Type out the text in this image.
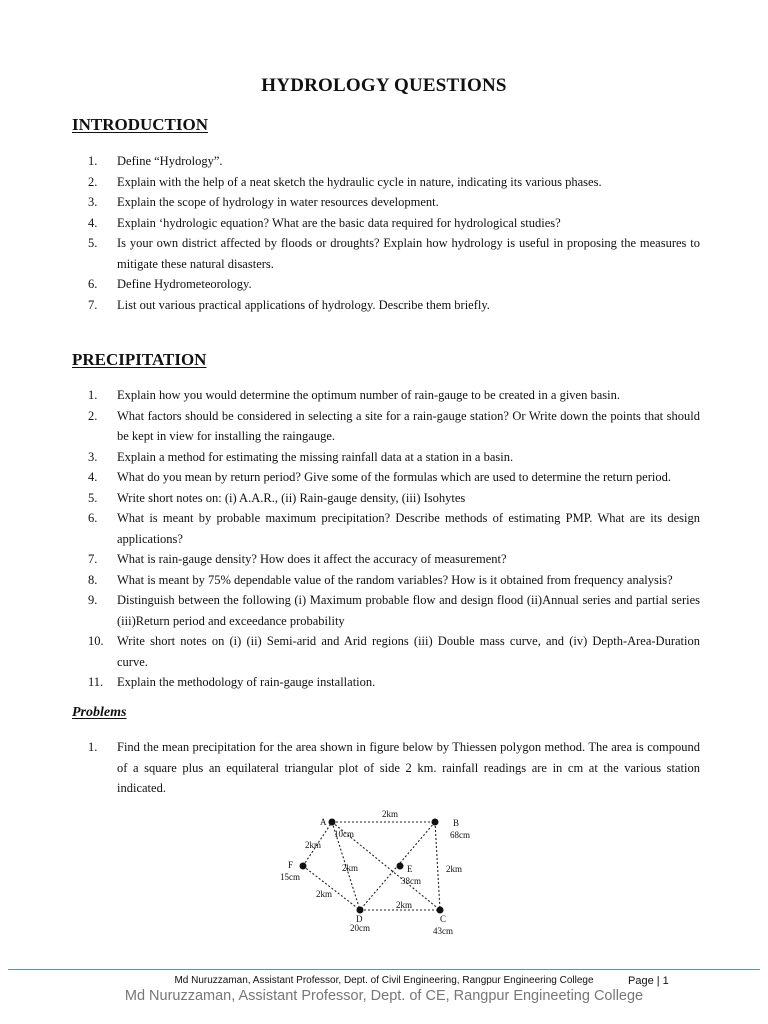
HYDROLOGY QUESTIONS
INTRODUCTION
1. Define “Hydrology”.
2. Explain with the help of a neat sketch the hydraulic cycle in nature, indicating its various phases.
3. Explain the scope of hydrology in water resources development.
4. Explain ‘hydrologic equation? What are the basic data required for hydrological studies?
5. Is your own district affected by floods or droughts? Explain how hydrology is useful in proposing the measures to mitigate these natural disasters.
6. Define Hydrometeorology.
7. List out various practical applications of hydrology. Describe them briefly.
PRECIPITATION
1. Explain how you would determine the optimum number of rain-gauge to be created in a given basin.
2. What factors should be considered in selecting a site for a rain-gauge station? Or Write down the points that should be kept in view for installing the raingauge.
3. Explain a method for estimating the missing rainfall data at a station in a basin.
4. What do you mean by return period? Give some of the formulas which are used to determine the return period.
5. Write short notes on: (i) A.A.R., (ii) Rain-gauge density, (iii) Isohytes
6. What is meant by probable maximum precipitation? Describe methods of estimating PMP. What are its design applications?
7. What is rain-gauge density? How does it affect the accuracy of measurement?
8. What is meant by 75% dependable value of the random variables? How is it obtained from frequency analysis?
9. Distinguish between the following (i) Maximum probable flow and design flood (ii)Annual series and partial series (iii)Return period and exceedance probability
10. Write short notes on (i) (ii) Semi-arid and Arid regions (iii) Double mass curve, and (iv) Depth-Area-Duration curve.
11. Explain the methodology of rain-gauge installation.
Problems
1. Find the mean precipitation for the area shown in figure below by Thiessen polygon method. The area is compound of a square plus an equilateral triangular plot of side 2 km. rainfall readings are in cm at the various station indicated.
2km
A
10cm
B
68cm
C
43cm
D
20cm
E
38cm
F
15cm
2km
2km
2km	2km
2km
Md Nuruzzaman, Assistant Professor, Dept. of Civil Engineering, Rangpur Engineering College	Page | 1
Md Nuruzzaman, Assistant Professor, Dept. of CE, Rangpur Engineeting College
